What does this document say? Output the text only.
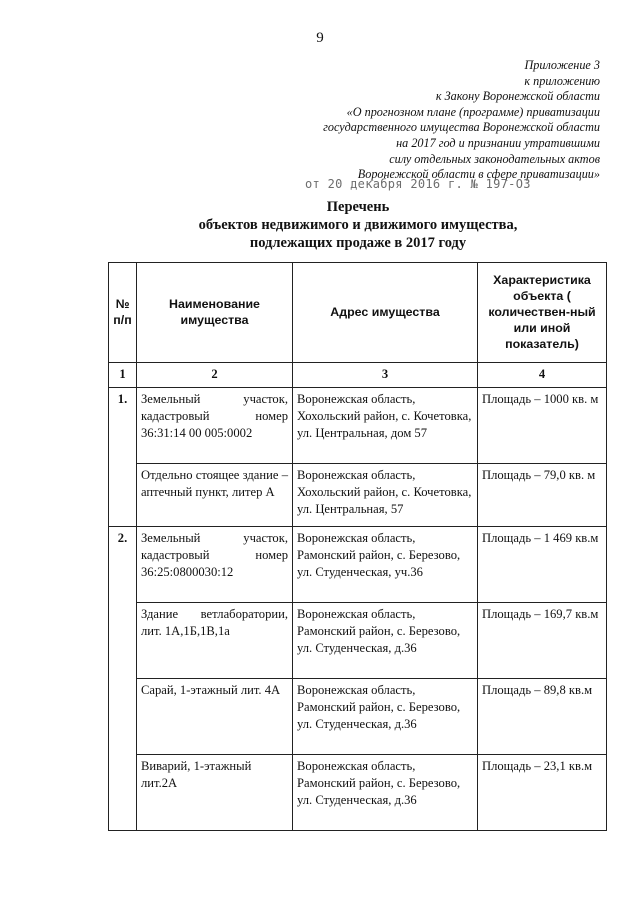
9
Приложение 3
к приложению
к Закону Воронежской области
«О прогнозном плане (программе) приватизации
государственного имущества Воронежской области
на 2017 год и признании утратившими
силу отдельных законодательных актов
Воронежской области в сфере приватизации»
от 20 декабря 2016 г. № 197-ОЗ
Перечень
объектов недвижимого и движимого имущества,
подлежащих продаже в 2017 году
№ п/п	Наименование имущества	Адрес имущества	Характеристика объекта ( количествен-ный или иной показатель)
1	2	3	4
1.	Земельный участок, кадастровый номер 36:31:14 00 005:0002	Воронежская область, Хохольский район, с. Кочетовка, ул. Центральная, дом 57	Площадь – 1000 кв. м
	Отдельно стоящее здание – аптечный пункт, литер А	Воронежская область, Хохольский район, с. Кочетовка, ул. Центральная, 57	Площадь – 79,0 кв. м
2.	Земельный участок, кадастровый номер 36:25:0800030:12	Воронежская область, Рамонский район, с. Березово, ул. Студенческая, уч.36	Площадь – 1 469 кв.м
	Здание ветлаборатории, лит. 1А,1Б,1В,1а	Воронежская область, Рамонский район, с. Березово, ул. Студенческая, д.36	Площадь – 169,7 кв.м
	Сарай, 1-этажный лит. 4А	Воронежская область, Рамонский район, с. Березово, ул. Студенческая, д.36	Площадь – 89,8 кв.м
	Виварий, 1-этажный лит.2А	Воронежская область, Рамонский район, с. Березово, ул. Студенческая, д.36	Площадь – 23,1 кв.м
